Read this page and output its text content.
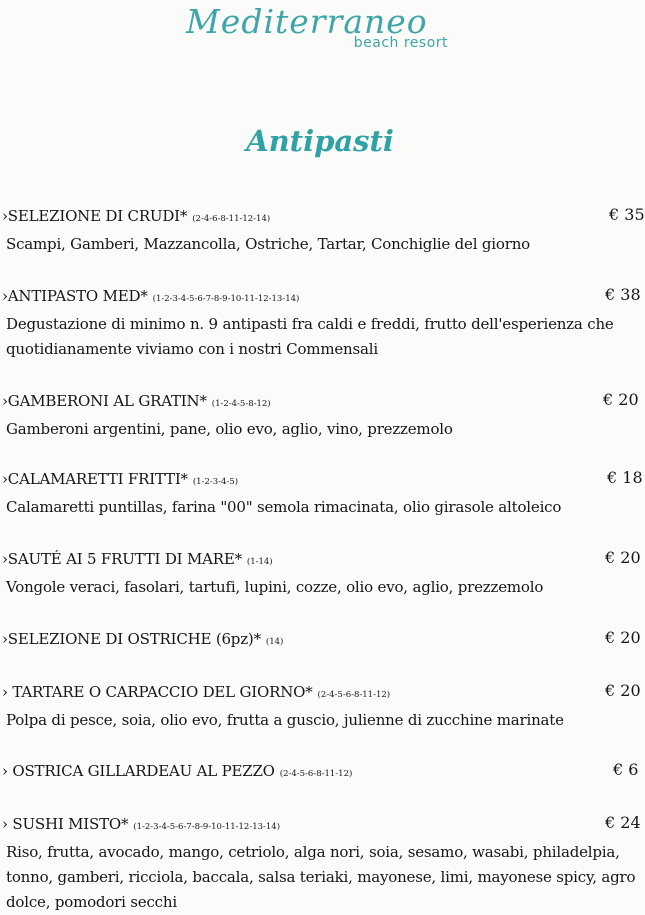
Mediterraneo
beach resort
Antipasti
›SELEZIONE DI CRUDI* (2-4-6-8-11-12-14)	€ 35
Scampi, Gamberi, Mazzancolla, Ostriche, Tartar, Conchiglie del giorno
›ANTIPASTO MED* (1-2-3-4-5-6-7-8-9-10-11-12-13-14)	€ 38
Degustazione di minimo n. 9 antipasti fra caldi e freddi, frutto dell'esperienza che quotidianamente viviamo con i nostri Commensali
›GAMBERONI AL GRATIN* (1-2-4-5-8-12)	€ 20
Gamberoni argentini, pane, olio evo, aglio, vino, prezzemolo
›CALAMARETTI FRITTI* (1-2-3-4-5)	€ 18
Calamaretti puntillas, farina "00" semola rimacinata, olio girasole altoleico
›SAUTÉ AI 5 FRUTTI DI MARE* (1-14)	€ 20
Vongole veraci, fasolari, tartufi, lupini, cozze, olio evo, aglio, prezzemolo
›SELEZIONE DI OSTRICHE (6pz)* (14)	€ 20
› TARTARE O CARPACCIO DEL GIORNO* (2-4-5-6-8-11-12)	€ 20
Polpa di pesce, soia, olio evo, frutta a guscio, julienne di zucchine marinate
› OSTRICA GILLARDEAU AL PEZZO (2-4-5-6-8-11-12)	€ 6
› SUSHI MISTO* (1-2-3-4-5-6-7-8-9-10-11-12-13-14)	€ 24
Riso, frutta, avocado, mango, cetriolo, alga nori, soia, sesamo, wasabi, philadelpia, tonno, gamberi, ricciola, baccala, salsa teriaki, mayonese, limi, mayonese spicy, agro dolce, pomodori secchi
